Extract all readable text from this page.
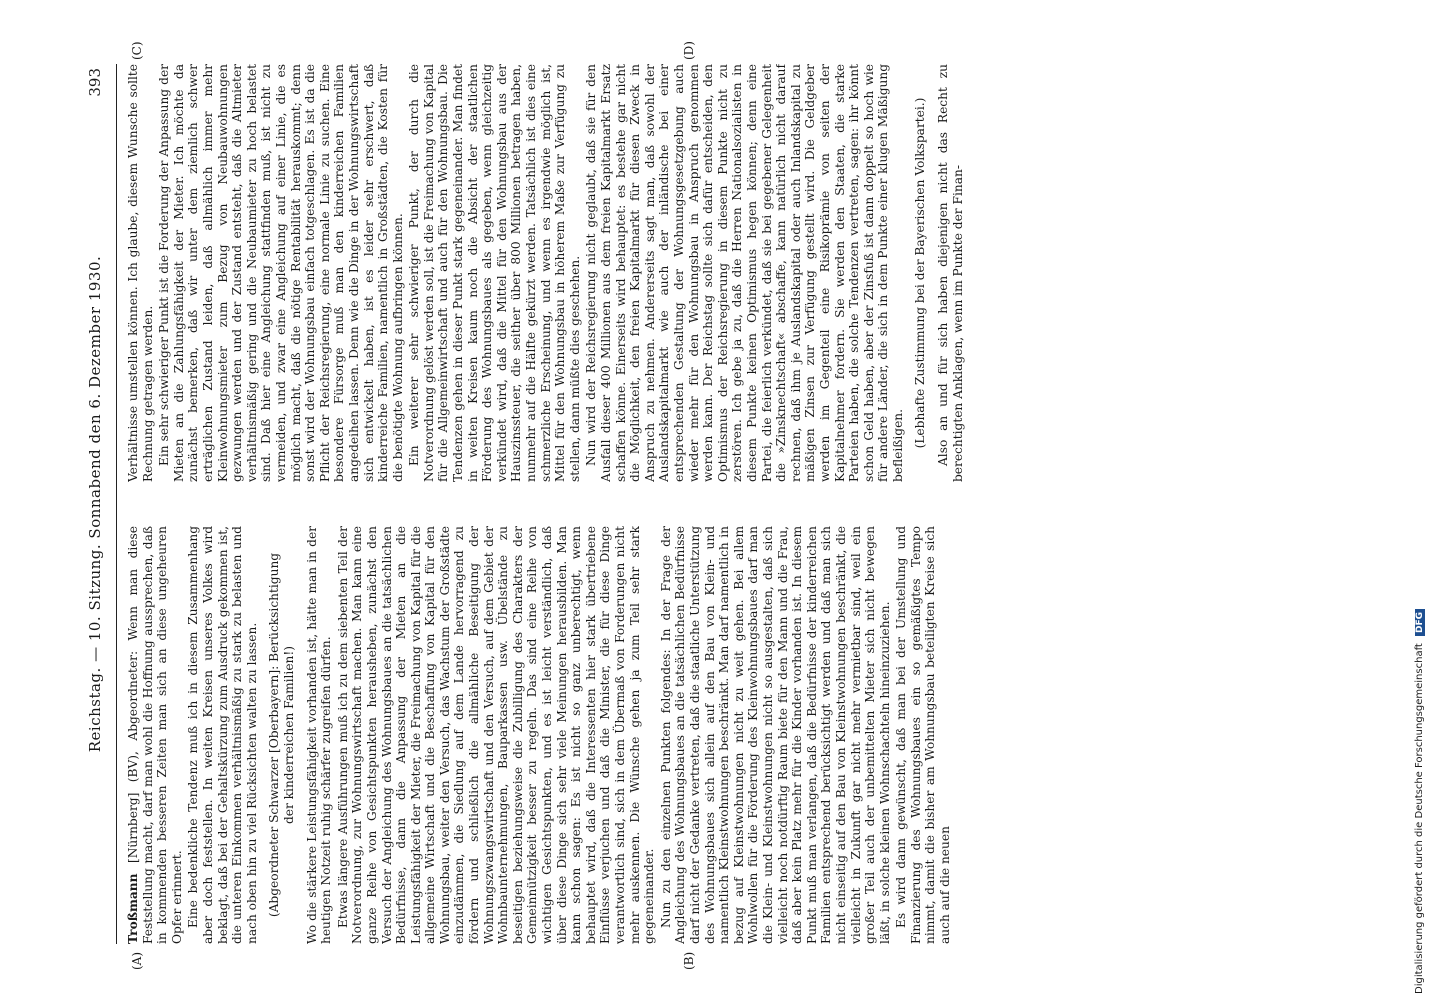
Reichstag. — 10. Sitzung. Sonnabend den 6. Dezember 1930.
393
(A)	(B)
(C)	(D)

Troßmann [Nürnberg] (BV), Abgeordneter: Wenn man diese Feststellung macht, darf man wohl die Hoffnung aussprechen, daß in kommenden besseren Zeiten man sich an diese ungeheuren Opfer erinnert. Eine bedenkliche Tendenz muß ich in diesem Zusammenhang aber doch feststellen. In weiten Kreisen unseres Volkes wird beklagt, daß bei der Gehaltskürzung zum Ausdruck gekommen ist, die unteren Einkommen verhältnismäßig zu stark zu belasten und nach oben hin zu viel Rücksichten walten zu lassen. (Abgeordneter Schwarzer [Oberbayern]: Berücksichtigung der kinderreichen Familien!) Wo die stärkere Leistungsfähigkeit vorhanden ist, hätte man in der heutigen Notzeit ruhig schärfer zugreifen dürfen. Etwas längere Ausführungen muß ich zu dem siebenten Teil der Notverordnung, zur Wohnungswirtschaft machen. Man kann eine ganze Reihe von Gesichtspunkten herausheben, zunächst den Versuch der Angleichung des Wohnungsbaues an die tatsächlichen Bedürfnisse, dann die Anpassung der Mieten an die Leistungsfähigkeit der Mieter, die Freimachung von Kapital für die allgemeine Wirtschaft und die Beschaffung von Kapital für den Wohnungsbau, weiter den Versuch, das Wachstum der Großstädte einzudämmen, die Siedlung auf dem Lande hervorragend zu fördern und schließlich die allmähliche Beseitigung der Wohnungszwangswirtschaft und den Versuch, auf dem Gebiet der Wohnbaunternehmungen, Bauparkassen usw. Übelstände zu beseitigen beziehungsweise die Zubilligung des Charakters der Gemeinnützigkeit besser zu regeln. Das sind eine Reihe von wichtigen Gesichtspunkten, und es ist leicht verständlich, daß über diese Dinge sich sehr viele Meinungen herausbilden. Man kann schon sagen: Es ist nicht so ganz unberechtigt, wenn behauptet wird, daß die Interessenten hier stark übertriebene Einflüsse verjuchen und daß die Minister, die für diese Dinge verantwortlich sind, sich in dem Übermaß von Forderungen nicht mehr auskennen. Die Wünsche gehen ja zum Teil sehr stark gegeneinander. Nun zu den einzelnen Punkten folgendes: In der Frage der Angleichung des Wohnungsbaues an die tatsächlichen Bedürfnisse darf nicht der Gedanke vertreten, daß die staatliche Unterstützung des Wohnungsbaues sich allein auf den Bau von Klein- und namentlich Kleinstwohnungen beschränkt. Man darf namentlich in bezug auf Kleinstwohnungen nicht zu weit gehen. Bei allem Wohlwollen für die Förderung des Kleinwohnungsbaues darf man die Klein- und Kleinstwohnungen nicht so ausgestalten, daß sich vielleicht noch notdürftig Raum biete für den Mann und die Frau, daß aber kein Platz mehr für die Kinder vorhanden ist. In diesem Punkt muß man verlangen, daß die Bedürfnisse der kinderreichen Familien entsprechend berücksichtigt werden und daß man sich nicht einseitig auf den Bau von Kleinstwohnungen beschränkt, die vielleicht in Zukunft gar nicht mehr vermietbar sind, weil ein großer Teil auch der unbemittelten Mieter sich nicht bewegen läßt, in solche kleinen Wohnschachteln hineinzuziehen. Es wird dann gewünscht, daß man bei der Umstellung und Finanzierung des Wohnungsbaues ein so gemäßigtes Tempo nimmt, damit die bisher am Wohnungsbau beteiligten Kreise sich auch auf die neuen

Verhältnisse umstellen können. Ich glaube, diesem Wunsche sollte Rechnung getragen werden. Ein sehr schwieriger Punkt ist die Forderung der Anpassung der Mieten an die Zahlungsfähigkeit der Mieter. Ich möchte da zunächst bemerken, daß wir unter dem ziemlich schwer erträglichen Zustand leiden, daß allmählich immer mehr Kleinwohnungsmieter zum Bezug von Neubauwohnungen gezwungen werden und der Zustand entsteht, daß die Altmieter verhältnismäßig gering und die Neubaumieter zu hoch belastet sind. Daß hier eine Angleichung stattfinden muß, ist nicht zu vermeiden, und zwar eine Angleichung auf einer Linie, die es möglich macht, daß die nötige Rentabilität herauskommt; denn sonst wird der Wohnungsbau einfach totgeschlagen. Es ist da die Pflicht der Reichsregierung, eine normale Linie zu suchen. Eine besondere Fürsorge muß man den kinderreichen Familien angedeihen lassen. Denn wie die Dinge in der Wohnungswirtschaft sich entwickelt haben, ist es leider sehr erschwert, daß kinderreiche Familien, namentlich in Großstädten, die Kosten für die benötigte Wohnung aufbringen können. Ein weiterer sehr schwieriger Punkt, der durch die Notverordnung gelöst werden soll, ist die Freimachung von Kapital für die Allgemeinwirtschaft und auch für den Wohnungsbau. Die Tendenzen gehen in dieser Punkt stark gegeneinander. Man findet in weiten Kreisen kaum noch die Absicht der staatlichen Förderung des Wohnungsbaues als gegeben, wenn gleichzeitig verkündet wird, daß die Mittel für den Wohnungsbau aus der Hauszinssteuer, die seither über 800 Millionen betragen haben, nunmehr auf die Hälfte gekürzt werden. Tatsächlich ist dies eine schmerzliche Erscheinung, und wenn es irgendwie möglich ist, Mittel für den Wohnungsbau in höherem Maße zur Verfügung zu stellen, dann müßte dies geschehen. Nun wird der Reichsregierung nicht geglaubt, daß sie für den Ausfall dieser 400 Millionen aus dem freien Kapitalmarkt Ersatz schaffen könne. Einerseits wird behauptet: es bestehe gar nicht die Möglichkeit, den freien Kapitalmarkt für diesen Zweck in Anspruch zu nehmen. Andererseits sagt man, daß sowohl der Auslandskapitalmarkt wie auch der inländische bei einer entsprechenden Gestaltung der Wohnungsgesetzgebung auch wieder mehr für den Wohnungsbau in Anspruch genommen werden kann. Der Reichstag sollte sich dafür entscheiden, den Optimismus der Reichsregierung in diesem Punkte nicht zu zerstören. Ich gebe ja zu, daß die Herren Nationalsozialisten in diesem Punkte keinen Optimismus hegen können; denn eine Partei, die feierlich verkündet, daß sie bei gegebener Gelegenheit die »Zinsknechtschaft« abschaffe, kann natürlich nicht darauf rechnen, daß ihm je Auslandskapital oder auch Inlandskapital zu mäßigen Zinsen zur Verfügung gestellt wird. Die Geldgeber werden im Gegenteil eine Risikoprämie von seiten der Kapitalnehmer fordern. Sie werden den Staaten, die starke Parteien haben, die solche Tendenzen vertreten, sagen: ihr könnt schon Geld haben, aber der Zinsfuß ist dann doppelt so hoch wie für andere Länder, die sich in dem Punkte einer klugen Mäßigung befleißigen. (Lebhafte Zustimmung bei der Bayerischen Volkspartei.) Also an und für sich haben diejenigen nicht das Recht zu berechtigten Anklagen, wenn im Punkte der Finan-

Digitalisierung gefördert durch die Deutsche Forschungsgemeinschaft DFG
